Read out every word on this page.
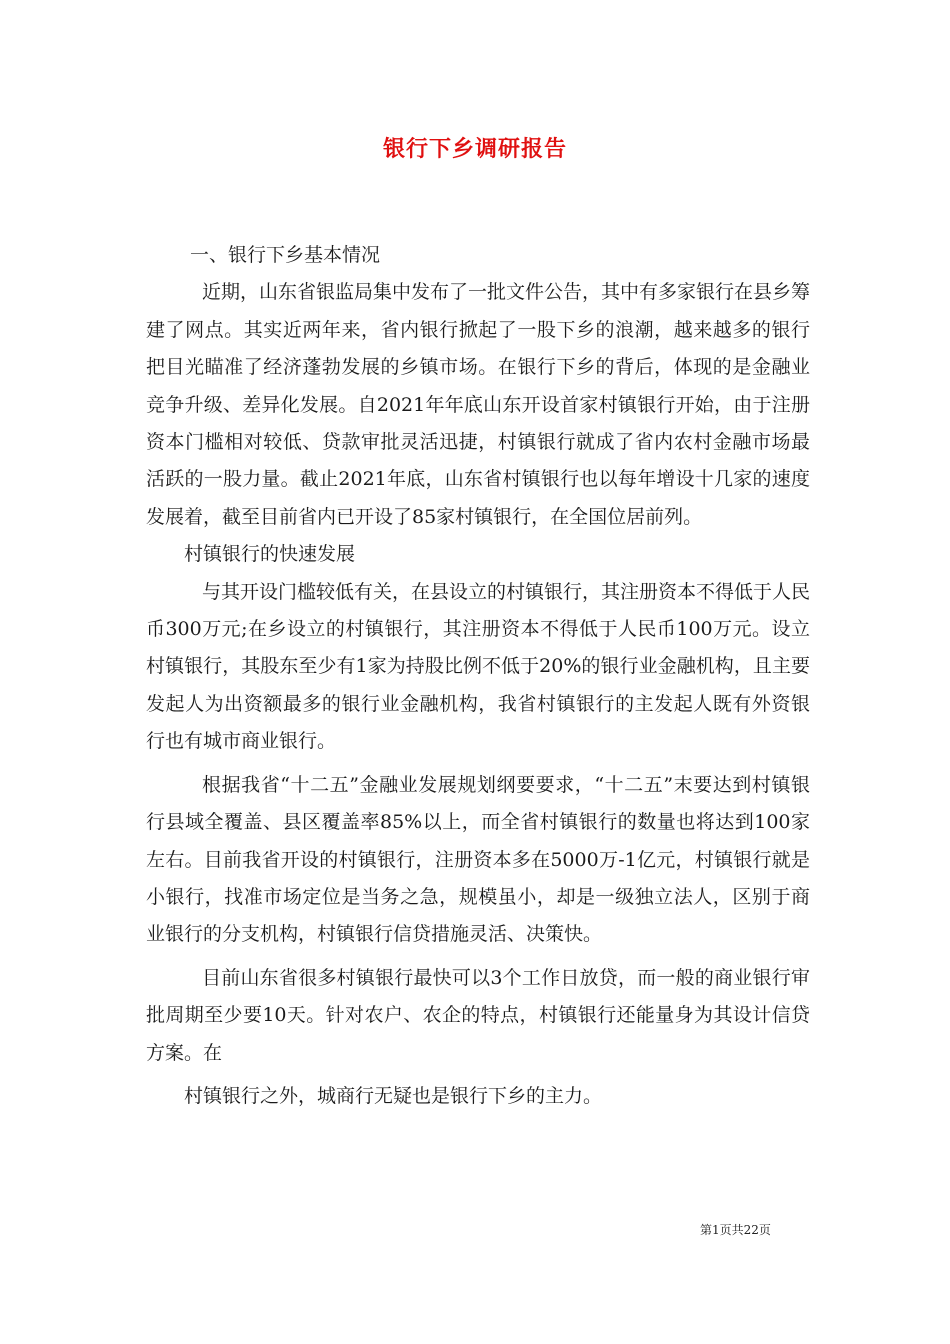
银行下乡调研报告

一、银行下乡基本情况

近期，山东省银监局集中发布了一批文件公告，其中有多家银行在县乡筹建了网点。其实近两年来，省内银行掀起了一股下乡的浪潮，越来越多的银行把目光瞄准了经济蓬勃发展的乡镇市场。在银行下乡的背后，体现的是金融业竞争升级、差异化发展。自2021年年底山东开设首家村镇银行开始，由于注册资本门槛相对较低、贷款审批灵活迅捷，村镇银行就成了省内农村金融市场最活跃的一股力量。截止2021年底，山东省村镇银行也以每年增设十几家的速度发展着，截至目前省内已开设了85家村镇银行，在全国位居前列。

村镇银行的快速发展

与其开设门槛较低有关，在县设立的村镇银行，其注册资本不得低于人民币300万元;在乡设立的村镇银行，其注册资本不得低于人民币100万元。设立村镇银行，其股东至少有1家为持股比例不低于20%的银行业金融机构，且主要发起人为出资额最多的银行业金融机构，我省村镇银行的主发起人既有外资银行也有城市商业银行。

根据我省“十二五”金融业发展规划纲要要求，“十二五”末要达到村镇银行县域全覆盖、县区覆盖率85%以上，而全省村镇银行的数量也将达到100家左右。目前我省开设的村镇银行，注册资本多在5000万-1亿元，村镇银行就是小银行，找准市场定位是当务之急，规模虽小，却是一级独立法人，区别于商业银行的分支机构，村镇银行信贷措施灵活、决策快。

目前山东省很多村镇银行最快可以3个工作日放贷，而一般的商业银行审批周期至少要10天。针对农户、农企的特点，村镇银行还能量身为其设计信贷方案。在

村镇银行之外，城商行无疑也是银行下乡的主力。

第1页共22页
